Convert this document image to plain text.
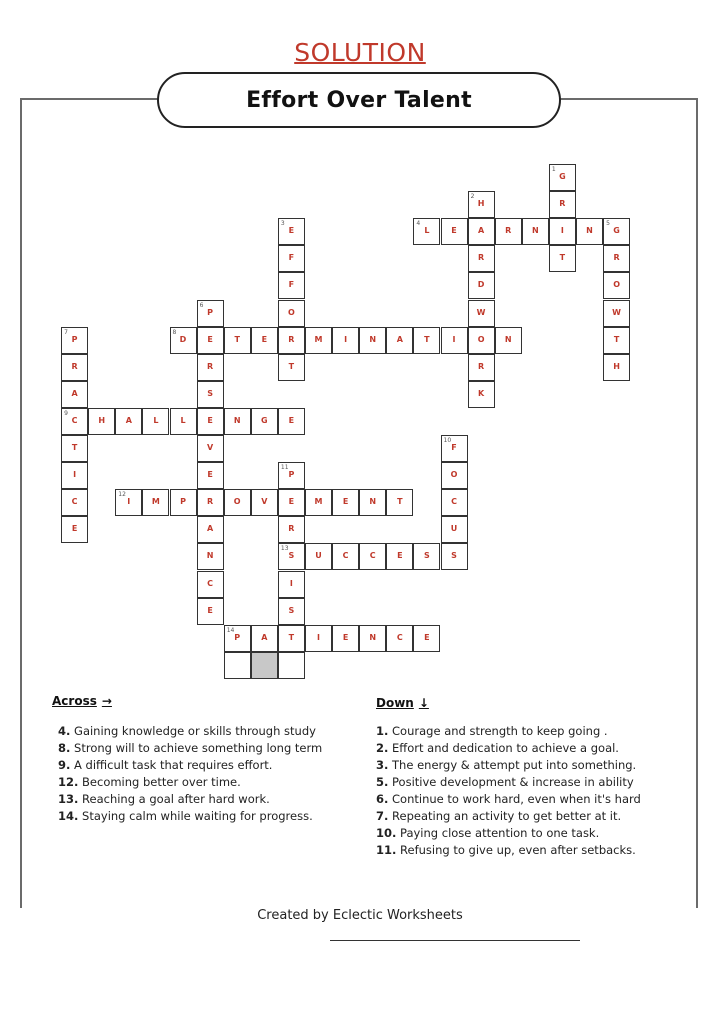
SOLUTION
Effort Over Talent
1
G
R
I
T
2
H
A
R
D
W
O
R
K
3
E
F
F
O
R
T
4
L	E	R	N	N
5
G
R
O
W
T
H
6
P
E
R
S
E
V
E
R
A
N
C
E
7
P
R
A
9
C
T
I
C
E
8
D	T	E	M	I	N	A	T	I	N
H	A	L	L	N	G	E
10
F
O
C
U
S
11
P
E
R
13
S
I
S
T
12
I	M	P	O	V	M	E	N	T
U	C	C	E	S
14
P	A	I	E	N	C	E
Across →
4. Gaining knowledge or skills through study
8. Strong will to achieve something long term
9. A difficult task that requires effort.
12. Becoming better over time.
13. Reaching a goal after hard work.
14. Staying calm while waiting for progress.
Down ↓
1. Courage and strength to keep going .
2. Effort and dedication to achieve a goal.
3. The energy & attempt put into something.
5. Positive development & increase in ability
6. Continue to work hard, even when it's hard
7. Repeating an activity to get better at it.
10. Paying close attention to one task.
11. Refusing to give up, even after setbacks.
Created by Eclectic Worksheets
